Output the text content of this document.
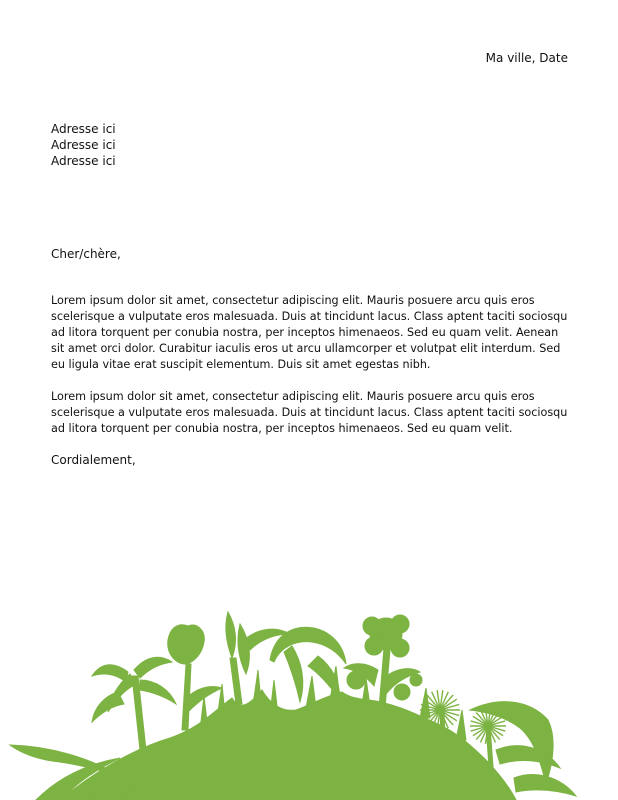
Ma ville, Date
Adresse ici
Adresse ici
Adresse ici
Cher/chère,

Lorem ipsum dolor sit amet, consectetur adipiscing elit. Mauris posuere arcu quis eros scelerisque a vulputate eros malesuada. Duis at tincidunt lacus. Class aptent taciti sociosqu ad litora torquent per conubia nostra, per inceptos himenaeos. Sed eu quam velit. Aenean sit amet orci dolor. Curabitur iaculis eros ut arcu ullamcorper et volutpat elit interdum. Sed eu ligula vitae erat suscipit elementum. Duis sit amet egestas nibh.

Lorem ipsum dolor sit amet, consectetur adipiscing elit. Mauris posuere arcu quis eros scelerisque a vulputate eros malesuada. Duis at tincidunt lacus. Class aptent taciti sociosqu ad litora torquent per conubia nostra, per inceptos himenaeos. Sed eu quam velit.

Cordialement,
